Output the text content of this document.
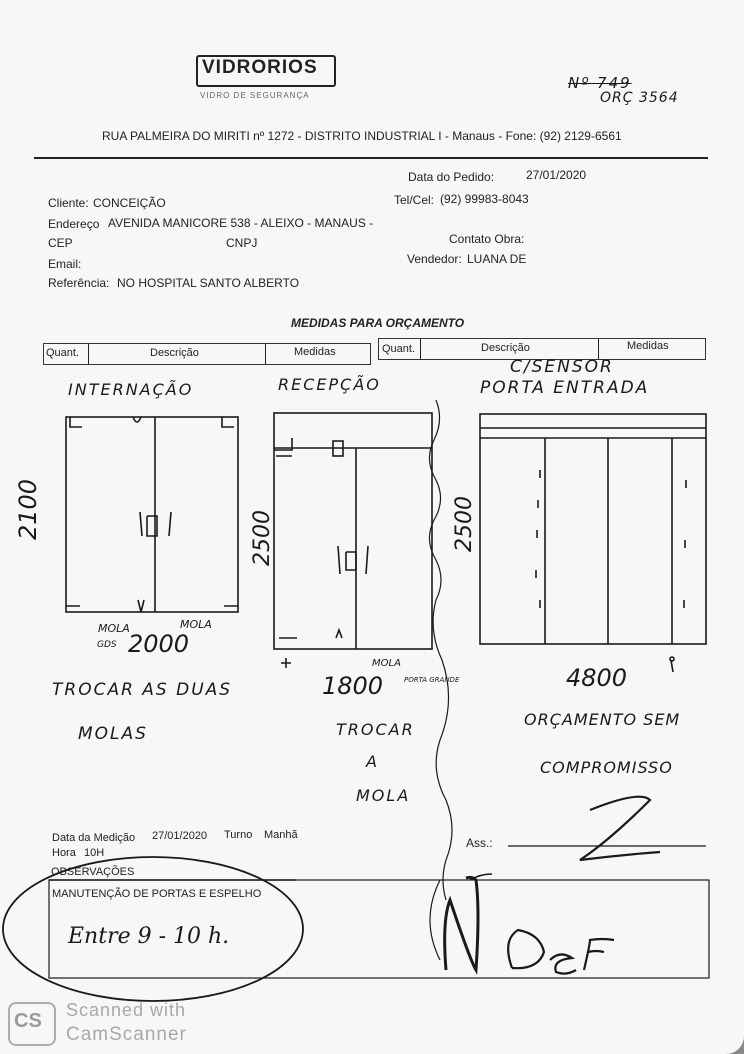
VIDRORIOS
VIDRO DE SEGURANÇA
Nº 749
ORÇ 3564
RUA PALMEIRA DO MIRITI nº 1272 - DISTRITO INDUSTRIAL I - Manaus - Fone: (92) 2129-6561
Data do Pedido:	27/01/2020
Cliente: CONCEIÇÃO	Tel/Cel: (92) 99983-8043
Endereço AVENIDA MANICORE 538 - ALEIXO - MANAUS -
CEP	CNPJ	Contato Obra:
Email:	Vendedor: LUANA DE
Referência: NO HOSPITAL SANTO ALBERTO
MEDIDAS PARA ORÇAMENTO
Quant.	Descrição	Medidas	Quant.	Descrição	Medidas
INTERNAÇÃO
2100
MOLA	MOLA
GDS 2000
TROCAR AS DUAS
MOLAS
RECEPÇÃO
2500
MOLA
PORTA GRANDE
1800
TROCAR
A
MOLA
C/SENSOR
PORTA ENTRADA
2500
4800
ORÇAMENTO SEM
COMPROMISSO
Data da Medição 27/01/2020 Turno Manhã
Hora 10H
Ass.:
OBSERVAÇÕES
MANUTENÇÃO DE PORTAS E ESPELHO
Entre 9 - 10 h.
CS Scanned with
CamScanner
